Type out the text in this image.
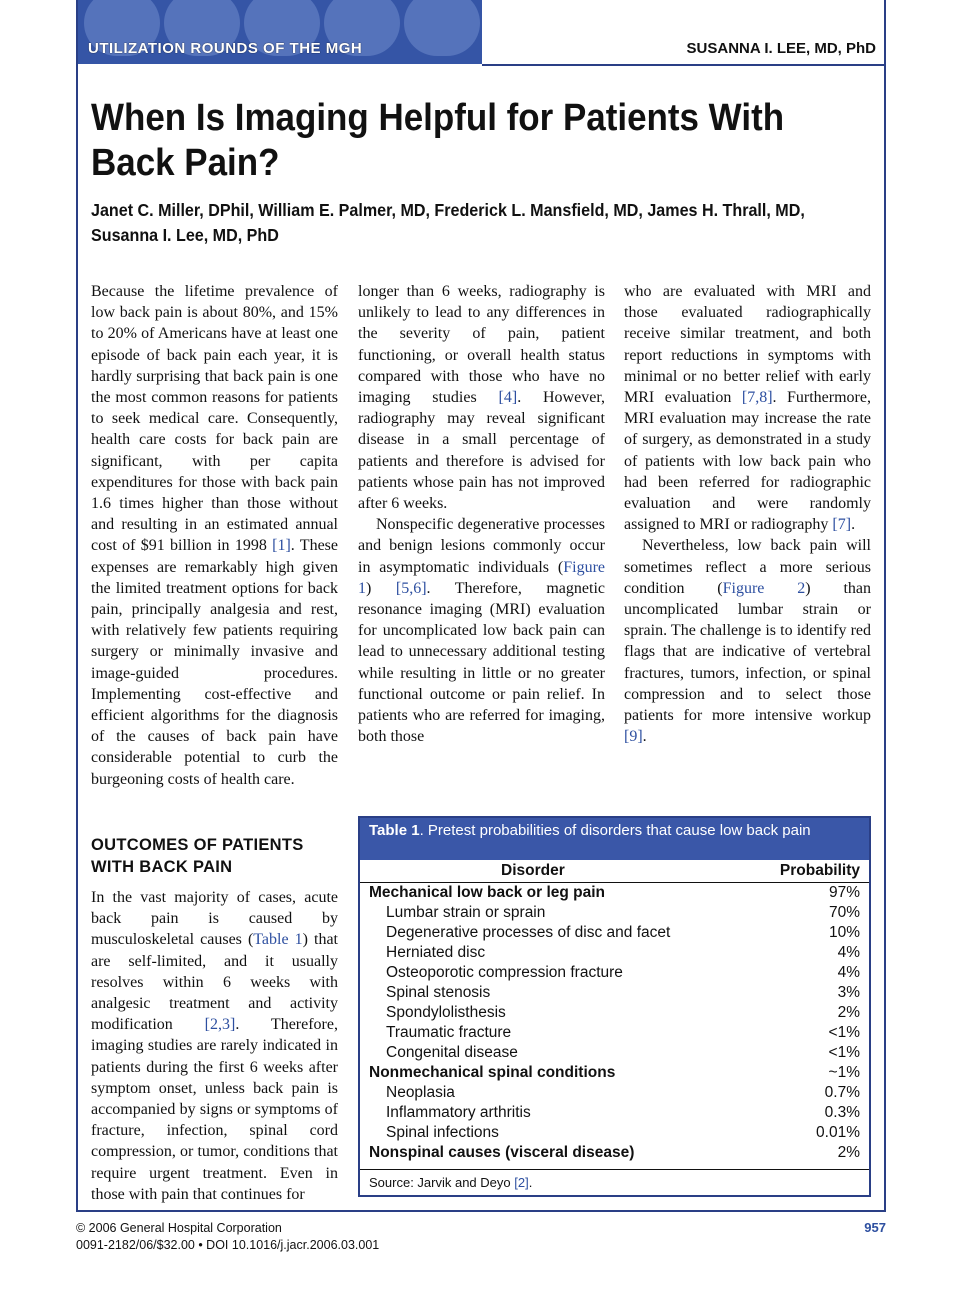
UTILIZATION ROUNDS OF THE MGH	SUSANNA I. LEE, MD, PhD
When Is Imaging Helpful for Patients With Back Pain?
Janet C. Miller, DPhil, William E. Palmer, MD, Frederick L. Mansfield, MD, James H. Thrall, MD, Susanna I. Lee, MD, PhD

Because the lifetime prevalence of low back pain is about 80%, and 15% to 20% of Americans have at least one episode of back pain each year, it is hardly surprising that back pain is one the most common reasons for patients to seek medical care. Consequently, health care costs for back pain are significant, with per capita expenditures for those with back pain 1.6 times higher than those without and resulting in an estimated annual cost of $91 billion in 1998 [1]. These expenses are remarkably high given the limited treatment options for back pain, principally analgesia and rest, with relatively few patients requiring surgery or minimally invasive and image-guided procedures. Implementing cost-effective and efficient algorithms for the diagnosis of the causes of back pain have considerable potential to curb the burgeoning costs of health care.

OUTCOMES OF PATIENTS WITH BACK PAIN

In the vast majority of cases, acute back pain is caused by musculoskeletal causes (Table 1) that are self-limited, and it usually resolves within 6 weeks with analgesic treatment and activity modification [2,3]. Therefore, imaging studies are rarely indicated in patients during the first 6 weeks after symptom onset, unless back pain is accompanied by signs or symptoms of fracture, infection, spinal cord compression, or tumor, conditions that require urgent treatment. Even in those with pain that continues for

longer than 6 weeks, radiography is unlikely to lead to any differences in the severity of pain, patient functioning, or overall health status compared with those who have no imaging studies [4]. However, radiography may reveal significant disease in a small percentage of patients and therefore is advised for patients whose pain has not improved after 6 weeks.

Nonspecific degenerative processes and benign lesions commonly occur in asymptomatic individuals (Figure 1) [5,6]. Therefore, magnetic resonance imaging (MRI) evaluation for uncomplicated low back pain can lead to unnecessary additional testing while resulting in little or no greater functional outcome or pain relief. In patients who are referred for imaging, both those

who are evaluated with MRI and those evaluated radiographically receive similar treatment, and both report reductions in symptoms with minimal or no better relief with early MRI evaluation [7,8]. Furthermore, MRI evaluation may increase the rate of surgery, as demonstrated in a study of patients with low back pain who had been referred for radiographic evaluation and were randomly assigned to MRI or radiography [7].

Nevertheless, low back pain will sometimes reflect a more serious condition (Figure 2) than uncomplicated lumbar strain or sprain. The challenge is to identify red flags that are indicative of vertebral fractures, tumors, infection, or spinal compression and to select those patients for more intensive workup [9].

Table 1. Pretest probabilities of disorders that cause low back pain
Disorder	Probability
Mechanical low back or leg pain	97%
Lumbar strain or sprain	70%
Degenerative processes of disc and facet	10%
Herniated disc	4%
Osteoporotic compression fracture	4%
Spinal stenosis	3%
Spondylolisthesis	2%
Traumatic fracture	<1%
Congenital disease	<1%
Nonmechanical spinal conditions	~1%
Neoplasia	0.7%
Inflammatory arthritis	0.3%
Spinal infections	0.01%
Nonspinal causes (visceral disease)	2%
Source: Jarvik and Deyo [2].
© 2006 General Hospital Corporation
0091-2182/06/$32.00 • DOI 10.1016/j.jacr.2006.03.001
957
